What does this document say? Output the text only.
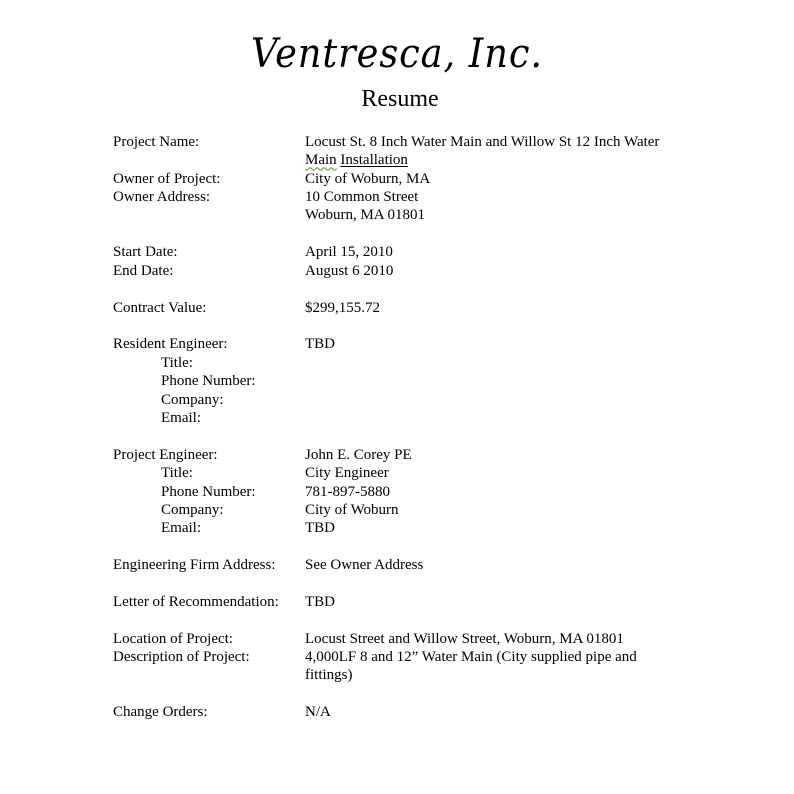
Ventresca, Inc.
Resume
Project Name:	Locust St. 8 Inch Water Main and Willow St 12 Inch Water
Main Installation
Owner of Project:	City of Woburn, MA
Owner Address:	10 Common Street
Woburn, MA 01801
Start Date:	April 15, 2010
End Date:	August 6 2010
Contract Value:	$299,155.72
Resident Engineer:	TBD
Title:
Phone Number:
Company:
Email:
Project Engineer:	John E. Corey PE
Title:	City Engineer
Phone Number:	781-897-5880
Company:	City of Woburn
Email:	TBD
Engineering Firm Address: See Owner Address
Letter of Recommendation: TBD
Location of Project:	Locust Street and Willow Street, Woburn, MA 01801
Description of Project:	4,000LF 8 and 12” Water Main (City supplied pipe and fittings)
Change Orders:	N/A
